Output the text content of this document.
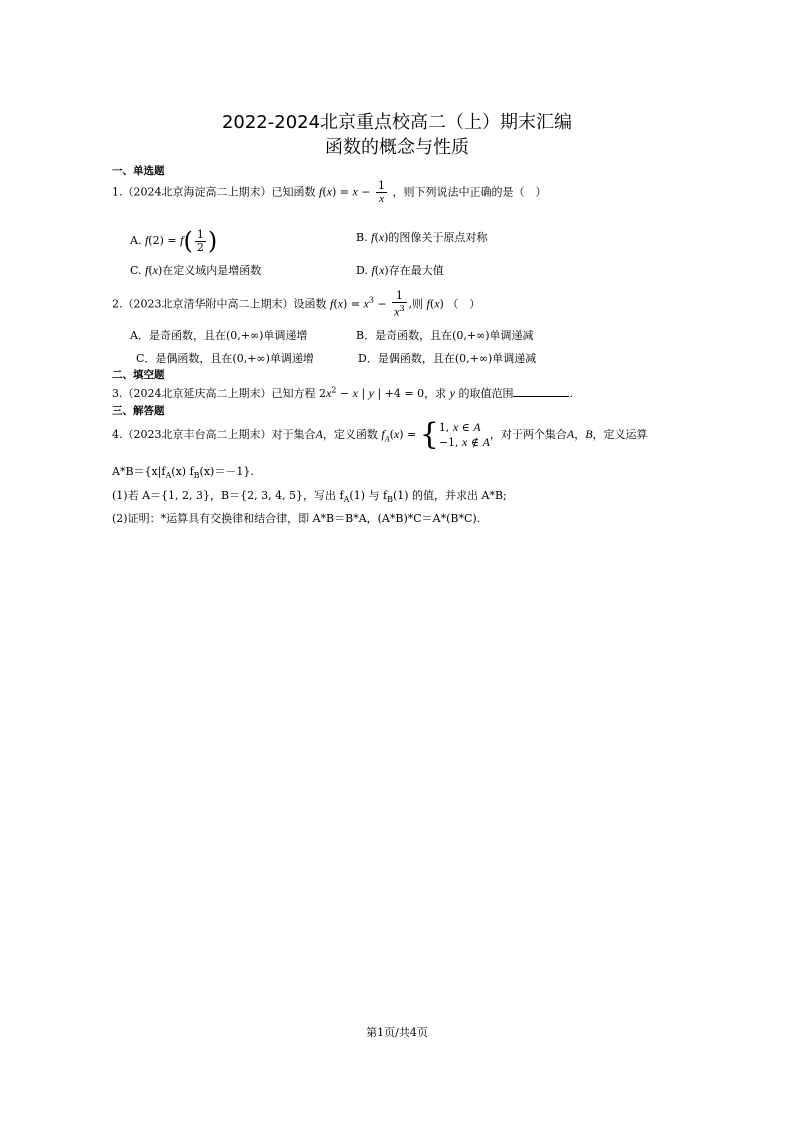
2022-2024北京重点校高二（上）期末汇编
函数的概念与性质
一、单选题
1.（2024北京海淀高二上期末）已知函数 $f(x) = x - \frac{1}{x}$ ，则下列说法中正确的是（　）
A. $f(2) = f( \frac{1}{2}$ )	B. f(x)的图像关于原点对称
C. f(x)在定义域内是增函数	D. f(x)存在最大值
2.（2023北京清华附中高二上期末）设函数 $f(x) = x^3 - \frac{1}{x^3}$ ,则 f(x) （　）
A．是奇函数，且在(0,+∞)单调递增	B．是奇函数，且在(0,+∞)单调递减
C．是偶函数，且在(0,+∞)单调递增	D．是偶函数，且在(0,+∞)单调递减
二、填空题
3.（2024北京延庆高二上期末）已知方程 $2x^2 - x$ | y | +4 = 0，求 y 的取值范围	.
三、解答题
4.（2023北京丰台高二上期末）对于集合A，定义函数 $f_A(x) = \{1$, x ∈ A
−1, x ∉ A，对于两个集合A，B，定义运算
$A*B=\{x|f_A(x)$ $f_B(x)=-1$}.
(1)若 A＝{1, 2, 3}，B＝{2, 3, 4, 5}，写出 $f_A(1)$ 与 $f_B(1)$ 的值，并求出 A*B;
(2)证明：*运算具有交换律和结合律，即 A*B＝B*A，(A*B)*C＝A*(B*C).
第1页/共4页
